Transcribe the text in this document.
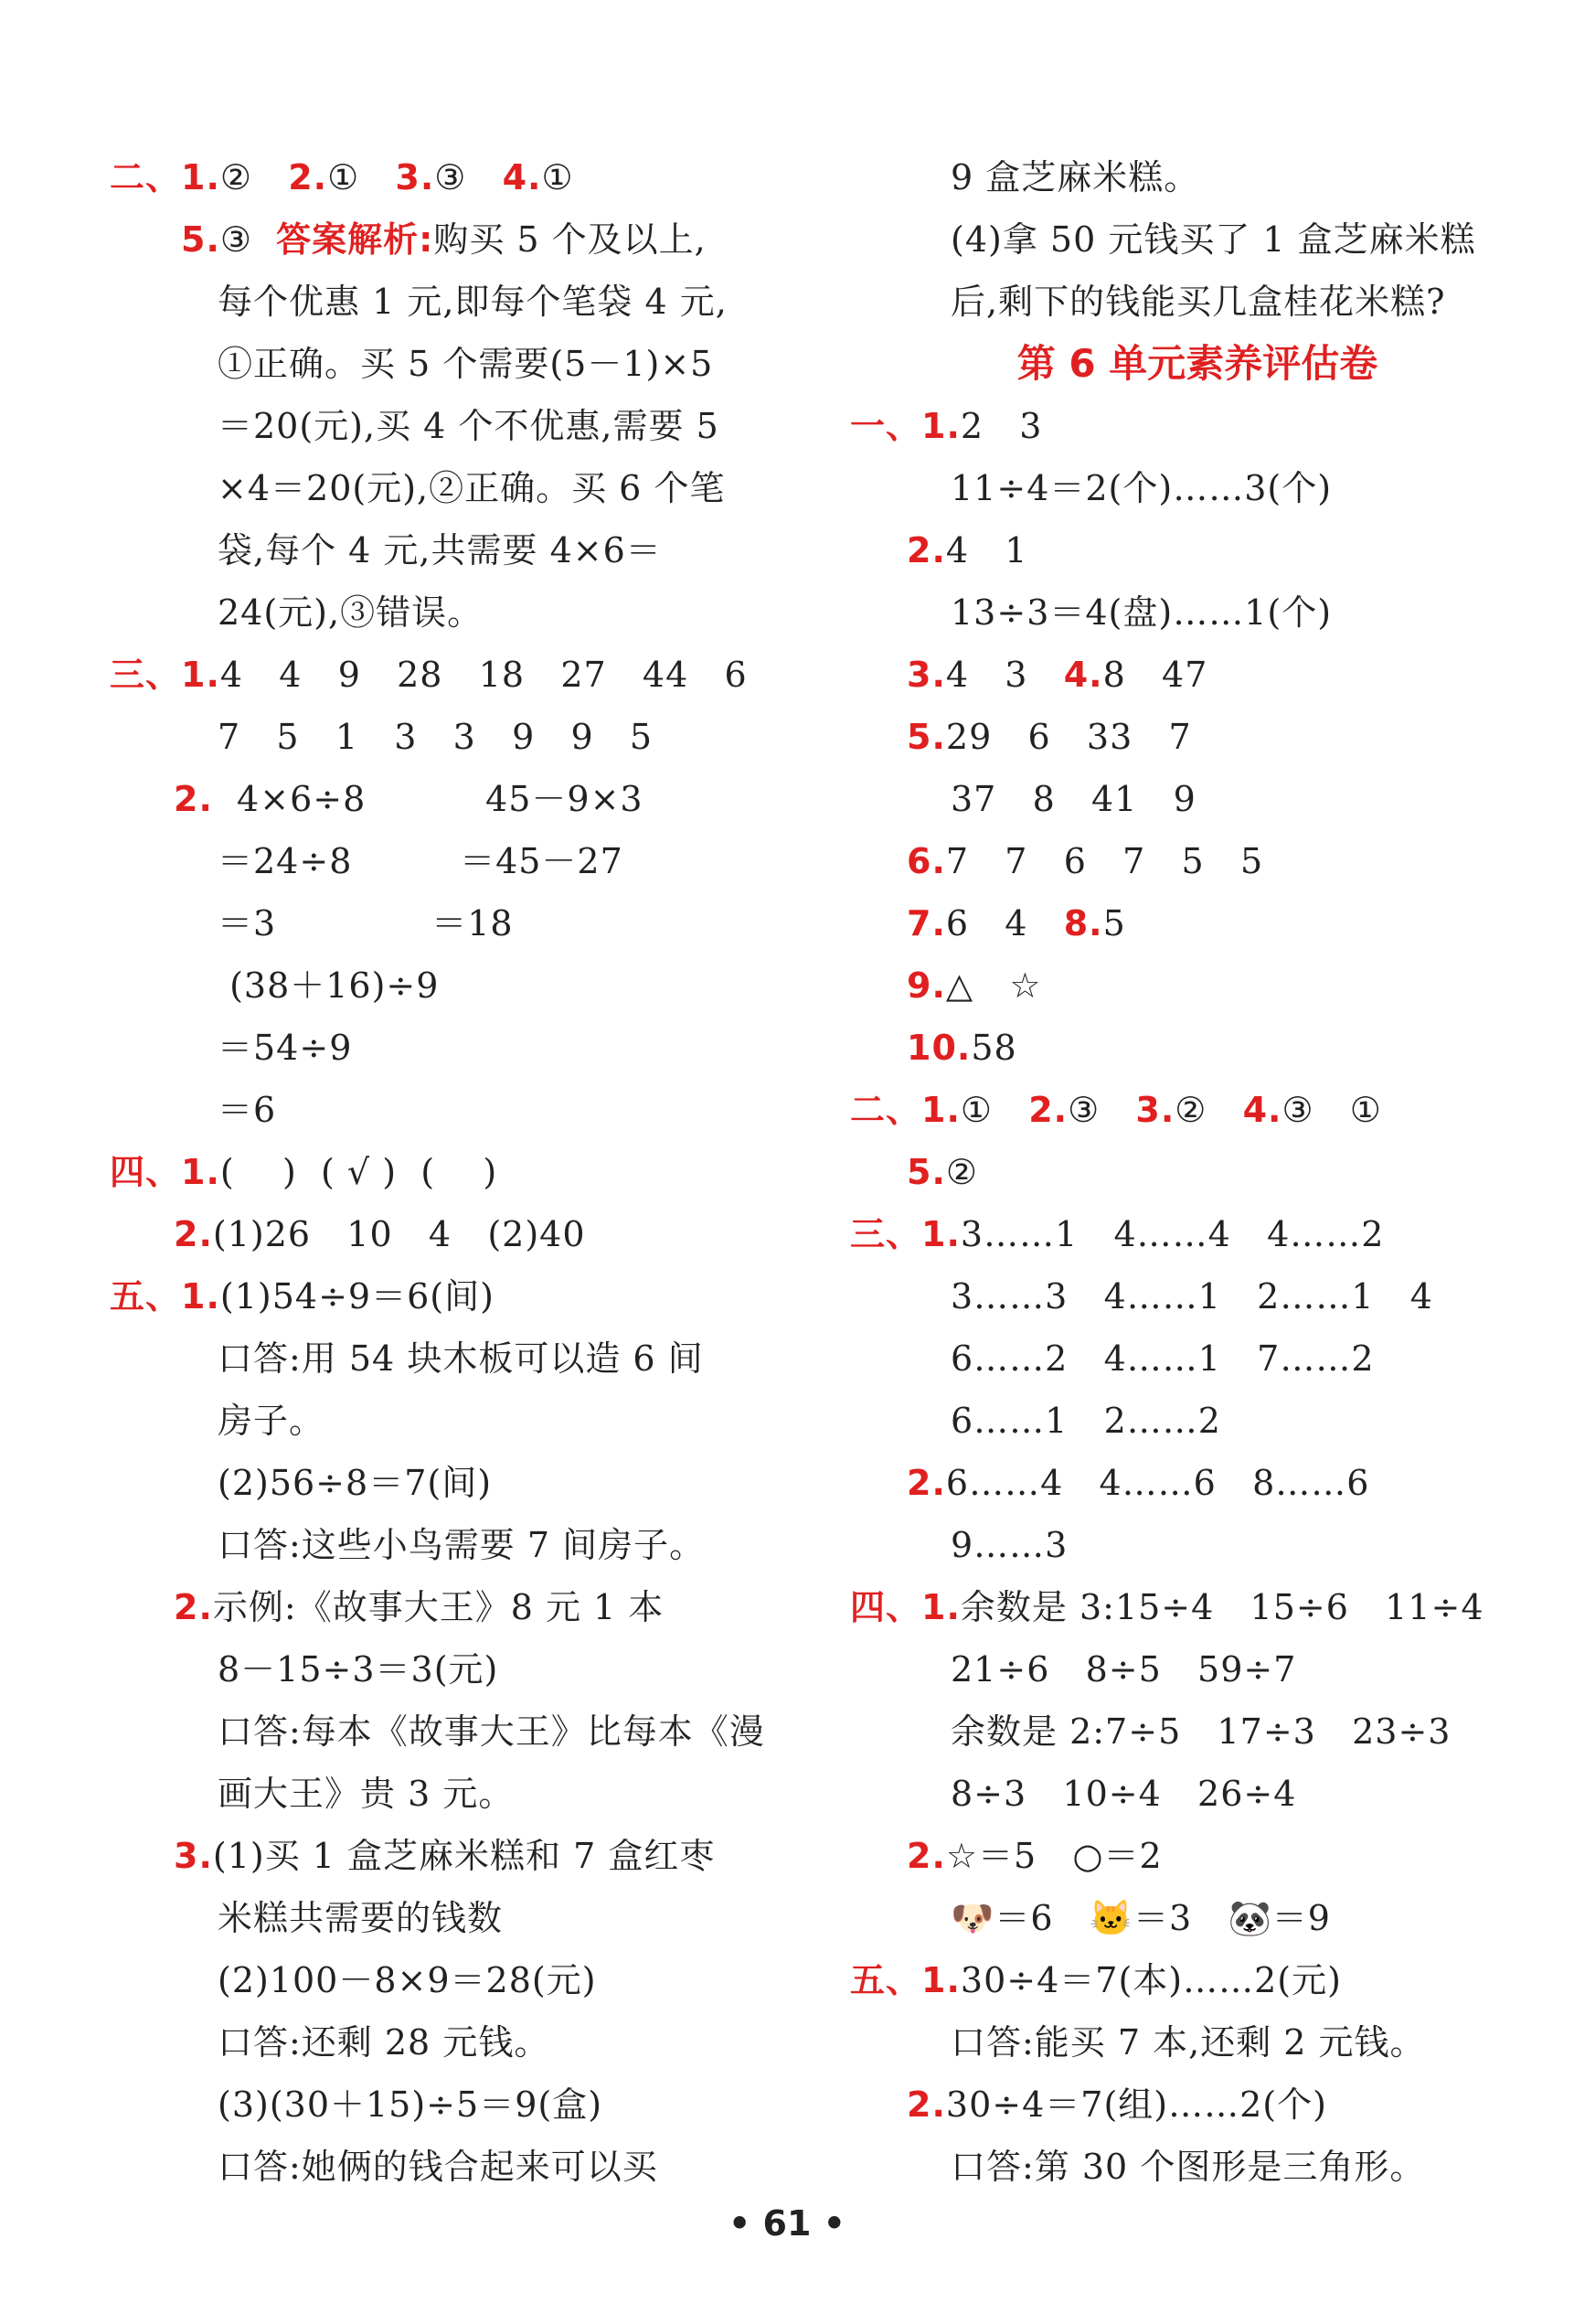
二、1.②   2.①   3.③   4.①
5.③  答案解析:购买 5 个及以上,
每个优惠 1 元,即每个笔袋 4 元,
①正确。买 5 个需要(5－1)×5
＝20(元),买 4 个不优惠,需要 5
×4＝20(元),②正确。买 6 个笔
袋,每个 4 元,共需要 4×6＝
24(元),③错误。
三、1.4   4   9   28   18   27   44   6
7   5   1   3   3   9   9   5
2.  4×6÷8          45－9×3
＝24÷8         ＝45－27
＝3             ＝18
(38＋16)÷9
＝54÷9
＝6
四、1.(    )  ( √ )  (    )
2.(1)26   10   4   (2)40
五、1.(1)54÷9＝6(间)
口答:用 54 块木板可以造 6 间
房子。
(2)56÷8＝7(间)
口答:这些小鸟需要 7 间房子。
2.示例:《故事大王》8 元 1 本
8－15÷3＝3(元)
口答:每本《故事大王》比每本《漫
画大王》贵 3 元。
3.(1)买 1 盒芝麻米糕和 7 盒红枣
米糕共需要的钱数
(2)100－8×9＝28(元)
口答:还剩 28 元钱。
(3)(30＋15)÷5＝9(盒)
口答:她俩的钱合起来可以买
第 6 单元素养评估卷
9 盒芝麻米糕。
(4)拿 50 元钱买了 1 盒芝麻米糕
后,剩下的钱能买几盒桂花米糕?
一、1.2   3
11÷4＝2(个)……3(个)
2.4   1
13÷3＝4(盘)……1(个)
3.4   3   4.8   47
5.29   6   33   7
37   8   41   9
6.7   7   6   7   5   5
7.6   4   8.5
9.△   ☆
10.58
二、1.①   2.③   3.②   4.③   ①
5.②
三、1.3……1   4……4   4……2
3……3   4……1   2……1   4
6……2   4……1   7……2
6……1   2……2
2.6……4   4……6   8……6
9……3
四、1.余数是 3:15÷4   15÷6   11÷4
21÷6   8÷5   59÷7
余数是 2:7÷5   17÷3   23÷3
8÷3   10÷4   26÷4
2.☆＝5   ○＝2
🐶＝6   🐱＝3   🐼＝9
五、1.30÷4＝7(本)……2(元)
口答:能买 7 本,还剩 2 元钱。
2.30÷4＝7(组)……2(个)
口答:第 30 个图形是三角形。
• 61 •
